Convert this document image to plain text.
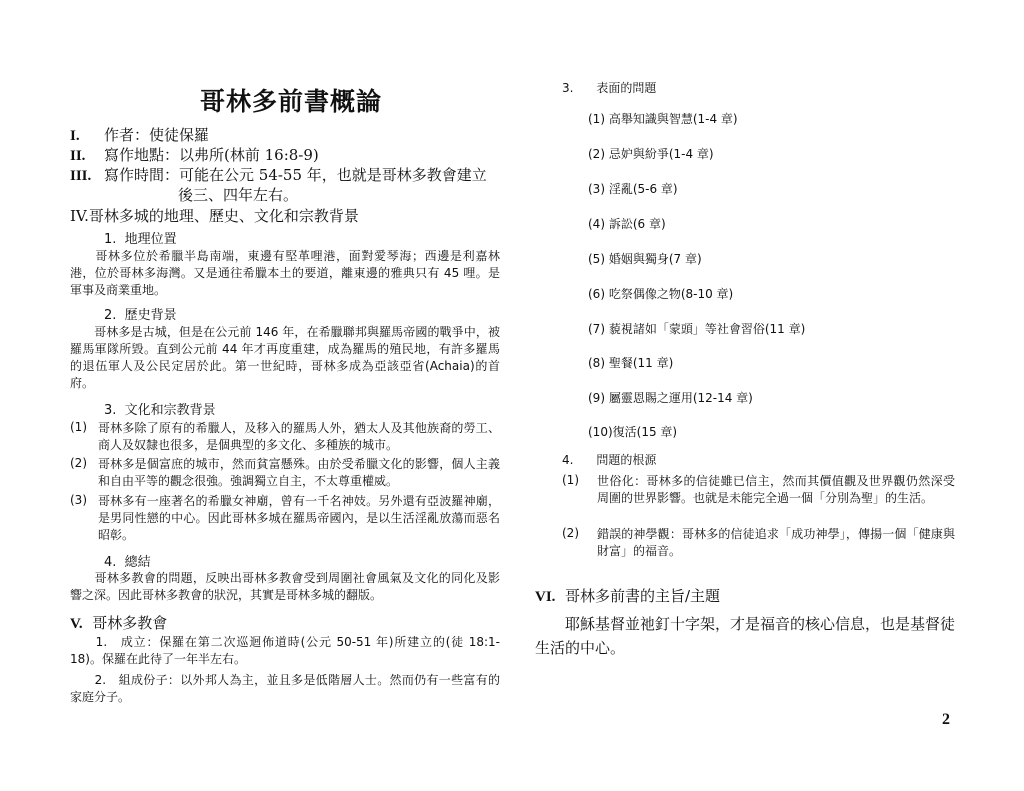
哥林多前書概論
I. 作者：使徒保羅
II. 寫作地點：以弗所(林前 16:8-9)
III. 寫作時間：可能在公元 54-55 年，也就是哥林多教會建立
後三、四年左右。
IV.哥林多城的地理、歷史、文化和宗教背景
1. 地理位置
　　哥林多位於希臘半島南端，東邊有堅革哩港，面對愛琴海；西邊是利嘉林港，位於哥林多海灣。又是通往希臘本土的要道，離東邊的雅典只有 45 哩。是軍事及商業重地。
2. 歷史背景
　　哥林多是古城，但是在公元前 146 年，在希臘聯邦與羅馬帝國的戰爭中，被羅馬軍隊所毀。直到公元前 44 年才再度重建，成為羅馬的殖民地，有許多羅馬的退伍軍人及公民定居於此。第一世紀時，哥林多成為亞該亞省(Achaia)的首府。
3. 文化和宗教背景
(1) 哥林多除了原有的希臘人，及移入的羅馬人外，猶太人及其他族裔的勞工、商人及奴隸也很多，是個典型的多文化、多種族的城市。
(2) 哥林多是個富庶的城市，然而貧富懸殊。由於受希臘文化的影響，個人主義和自由平等的觀念很強。強調獨立自主，不太尊重權威。
(3) 哥林多有一座著名的希臘女神廟，曾有一千名神妓。另外還有亞波羅神廟，是男同性戀的中心。因此哥林多城在羅馬帝國內，是以生活淫亂放蕩而惡名昭彰。
4. 總結
　　哥林多教會的問題，反映出哥林多教會受到周圍社會風氣及文化的同化及影響之深。因此哥林多教會的狀況，其實是哥林多城的翻版。
V. 哥林多教會
　　1.　成立：保羅在第二次巡迴佈道時(公元 50-51 年)所建立的(徒 18:1-18)。保羅在此待了一年半左右。
　　2.　組成份子：以外邦人為主，並且多是低階層人士。然而仍有一些富有的家庭分子。
3. 表面的問題
(1) 高舉知識與智慧(1-4 章)
(2) 忌妒與紛爭(1-4 章)
(3) 淫亂(5-6 章)
(4) 訴訟(6 章)
(5) 婚姻與獨身(7 章)
(6) 吃祭偶像之物(8-10 章)
(7) 藐視諸如「蒙頭」等社會習俗(11 章)
(8) 聖餐(11 章)
(9) 屬靈恩賜之運用(12-14 章)
(10)復活(15 章)
4. 問題的根源
(1) 世俗化：哥林多的信徒雖已信主，然而其價值觀及世界觀仍然深受周圍的世界影響。也就是未能完全過一個「分別為聖」的生活。
(2) 錯誤的神學觀：哥林多的信徒追求「成功神學」，傳揚一個「健康與財富」的福音。
VI. 哥林多前書的主旨/主題
　　耶穌基督並祂釘十字架，才是福音的核心信息，也是基督徒生活的中心。
2
